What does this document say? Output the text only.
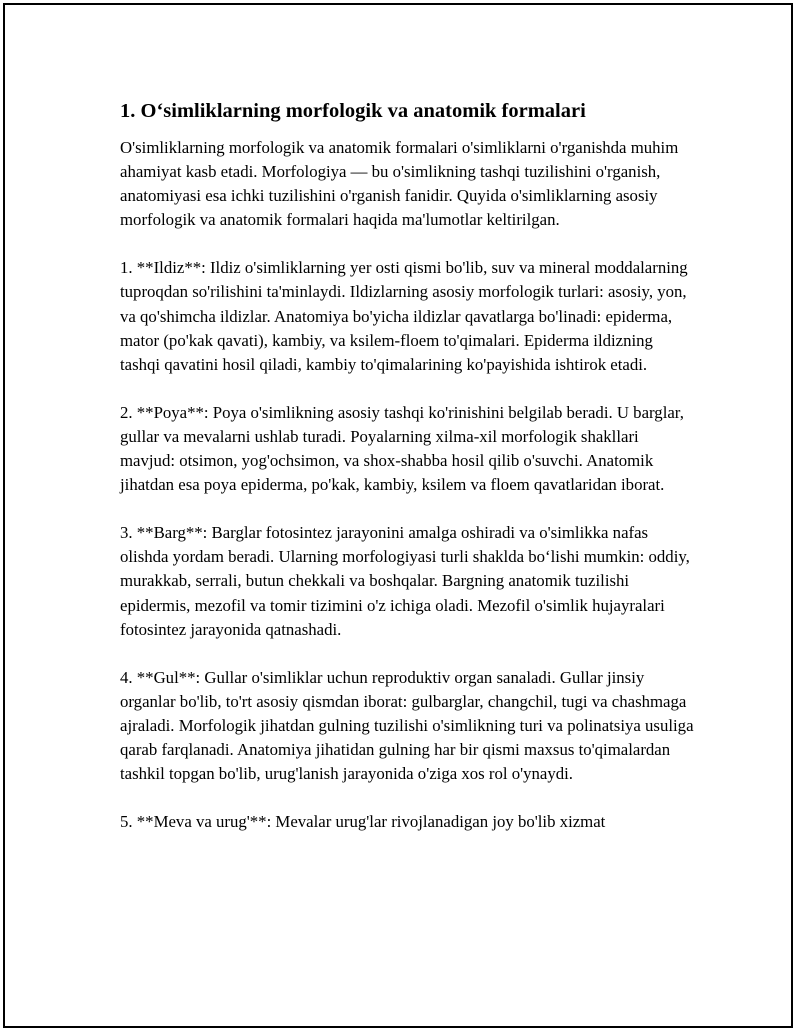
1. O‘simliklarning morfologik va anatomik formalari

O'simliklarning morfologik va anatomik formalari o'simliklarni o'rganishda muhim ahamiyat kasb etadi. Morfologiya — bu o'simlikning tashqi tuzilishini o'rganish, anatomiyasi esa ichki tuzilishini o'rganish fanidir. Quyida o'simliklarning asosiy morfologik va anatomik formalari haqida ma'lumotlar keltirilgan.

1. **Ildiz**: Ildiz o'simliklarning yer osti qismi bo'lib, suv va mineral moddalarning tuproqdan so'rilishini ta'minlaydi. Ildizlarning asosiy morfologik turlari: asosiy, yon, va qo'shimcha ildizlar. Anatomiya bo'yicha ildizlar qavatlarga bo'linadi: epiderma, mator (po'kak qavati), kambiy, va ksilem-floem to'qimalari. Epiderma ildizning tashqi qavatini hosil qiladi, kambiy to'qimalarining ko'payishida ishtirok etadi.

2. **Poya**: Poya o'simlikning asosiy tashqi ko'rinishini belgilab beradi. U barglar, gullar va mevalarni ushlab turadi. Poyalarning xilma-xil morfologik shakllari mavjud: otsimon, yog'ochsimon, va shox-shabba hosil qilib o'suvchi. Anatomik jihatdan esa poya epiderma, po'kak, kambiy, ksilem va floem qavatlaridan iborat.

3. **Barg**: Barglar fotosintez jarayonini amalga oshiradi va o'simlikka nafas olishda yordam beradi. Ularning morfologiyasi turli shaklda bo‘lishi mumkin: oddiy, murakkab, serrali, butun chekkali va boshqalar. Bargning anatomik tuzilishi epidermis, mezofil va tomir tizimini o'z ichiga oladi. Mezofil o'simlik hujayralari fotosintez jarayonida qatnashadi.

4. **Gul**: Gullar o'simliklar uchun reproduktiv organ sanaladi. Gullar jinsiy organlar bo'lib, to'rt asosiy qismdan iborat: gulbarglar, changchil, tugi va chashmaga ajraladi. Morfologik jihatdan gulning tuzilishi o'simlikning turi va polinatsiya usuliga qarab farqlanadi. Anatomiya jihatidan gulning har bir qismi maxsus to'qimalardan tashkil topgan bo'lib, urug'lanish jarayonida o'ziga xos rol o'ynaydi.

5. **Meva va urug'**: Mevalar urug'lar rivojlanadigan joy bo'lib xizmat
